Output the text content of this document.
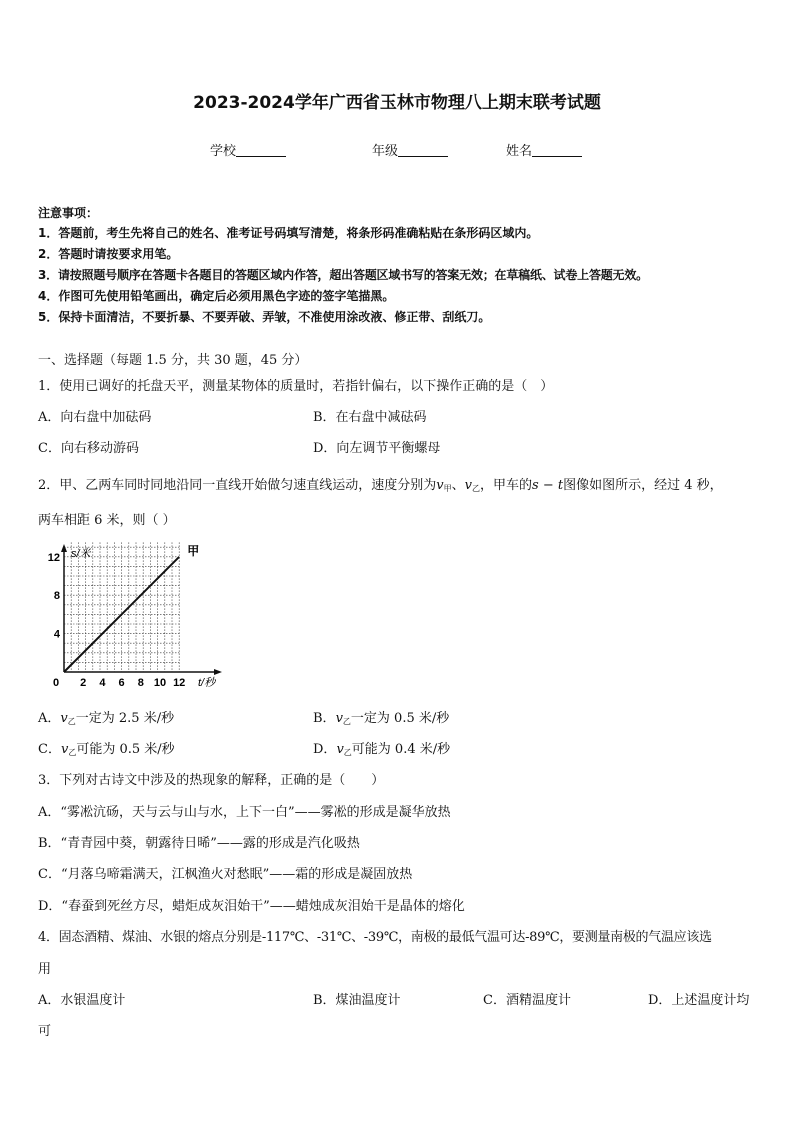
2023-2024学年广西省玉林市物理八上期末联考试题
学校	年级	姓名
注意事项：
1．答题前，考生先将自己的姓名、准考证号码填写清楚，将条形码准确粘贴在条形码区域内。
2．答题时请按要求用笔。
3．请按照题号顺序在答题卡各题目的答题区域内作答，超出答题区域书写的答案无效；在草稿纸、试卷上答题无效。
4．作图可先使用铅笔画出，确定后必须用黑色字迹的签字笔描黑。
5．保持卡面清洁，不要折暴、不要弄破、弄皱，不准使用涂改液、修正带、刮纸刀。
一、选择题（每题 1.5 分，共 30 题，45 分）
1．使用已调好的托盘天平，测量某物体的质量时，若指针偏右，以下操作正确的是（　）
A．向右盘中加砝码	B．在右盘中减砝码
C．向右移动游码	D．向左调节平衡螺母
2．甲、乙两车同时同地沿同一直线开始做匀速直线运动，速度分别为$v_甲$、$v_乙$，甲车的s − t图像如图所示，经过 4 秒，
两车相距 6 米，则（ ）
s/米
t/秒
0 2 4 6 8 10 12
4
8
12	甲
A．$v_乙$一定为 2.5 米/秒	B．$v_乙$一定为 0.5 米/秒
C．$v_乙$可能为 0.5 米/秒	D．$v_乙$可能为 0.4 米/秒
3．下列对古诗文中涉及的热现象的解释，正确的是（　　）
A．“雾凇沆砀，天与云与山与水，上下一白”——雾凇的形成是凝华放热
B．“青青园中葵，朝露待日晞”——露的形成是汽化吸热
C．“月落乌啼霜满天，江枫渔火对愁眠”——霜的形成是凝固放热
D．“春蚕到死丝方尽，蜡炬成灰泪始干”——蜡烛成灰泪始干是晶体的熔化
4．固态酒精、煤油、水银的熔点分别是-117℃、-31℃、-39℃，南极的最低气温可达-89℃，要测量南极的气温应该选
用
A．水银温度计	B．煤油温度计	C．酒精温度计	D．上述温度计均
可
